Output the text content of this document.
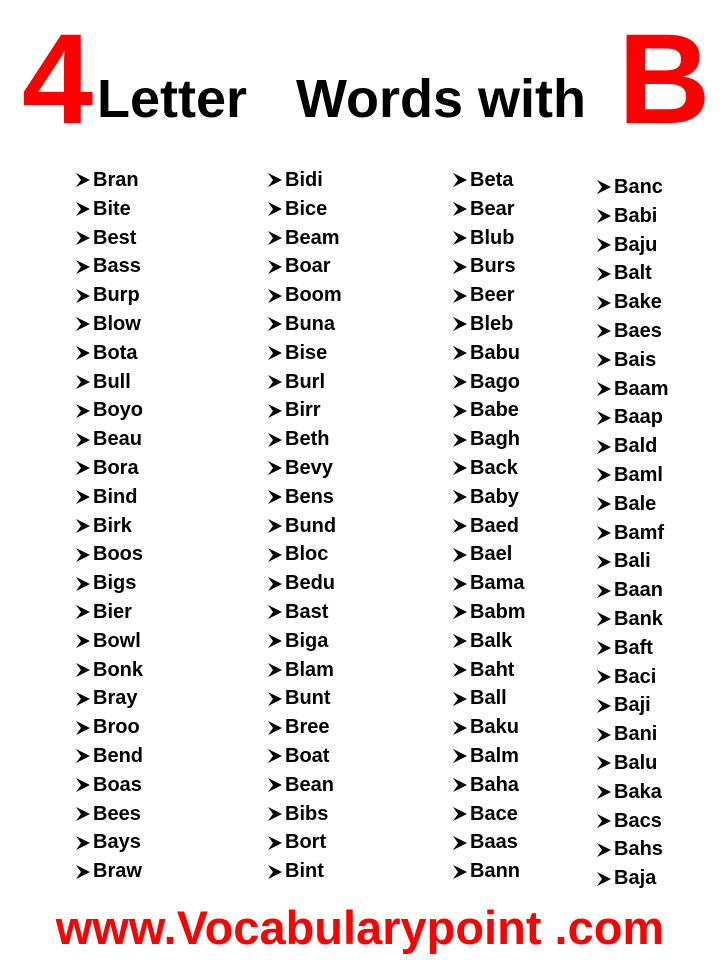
4 Letter Words with B
Bran
Bite
Best
Bass
Burp
Blow
Bota
Bull
Boyo
Beau
Bora
Bind
Birk
Boos
Bigs
Bier
Bowl
Bonk
Bray
Broo
Bend
Boas
Bees
Bays
Braw
Bidi
Bice
Beam
Boar
Boom
Buna
Bise
Burl
Birr
Beth
Bevy
Bens
Bund
Bloc
Bedu
Bast
Biga
Blam
Bunt
Bree
Boat
Bean
Bibs
Bort
Bint
Beta
Bear
Blub
Burs
Beer
Bleb
Babu
Bago
Babe
Bagh
Back
Baby
Baed
Bael
Bama
Babm
Balk
Baht
Ball
Baku
Balm
Baha
Bace
Baas
Bann
Banc
Babi
Baju
Balt
Bake
Baes
Bais
Baam
Baap
Bald
Baml
Bale
Bamf
Bali
Baan
Bank
Baft
Baci
Baji
Bani
Balu
Baka
Bacs
Bahs
Baja
www.Vocabularypoint .com
